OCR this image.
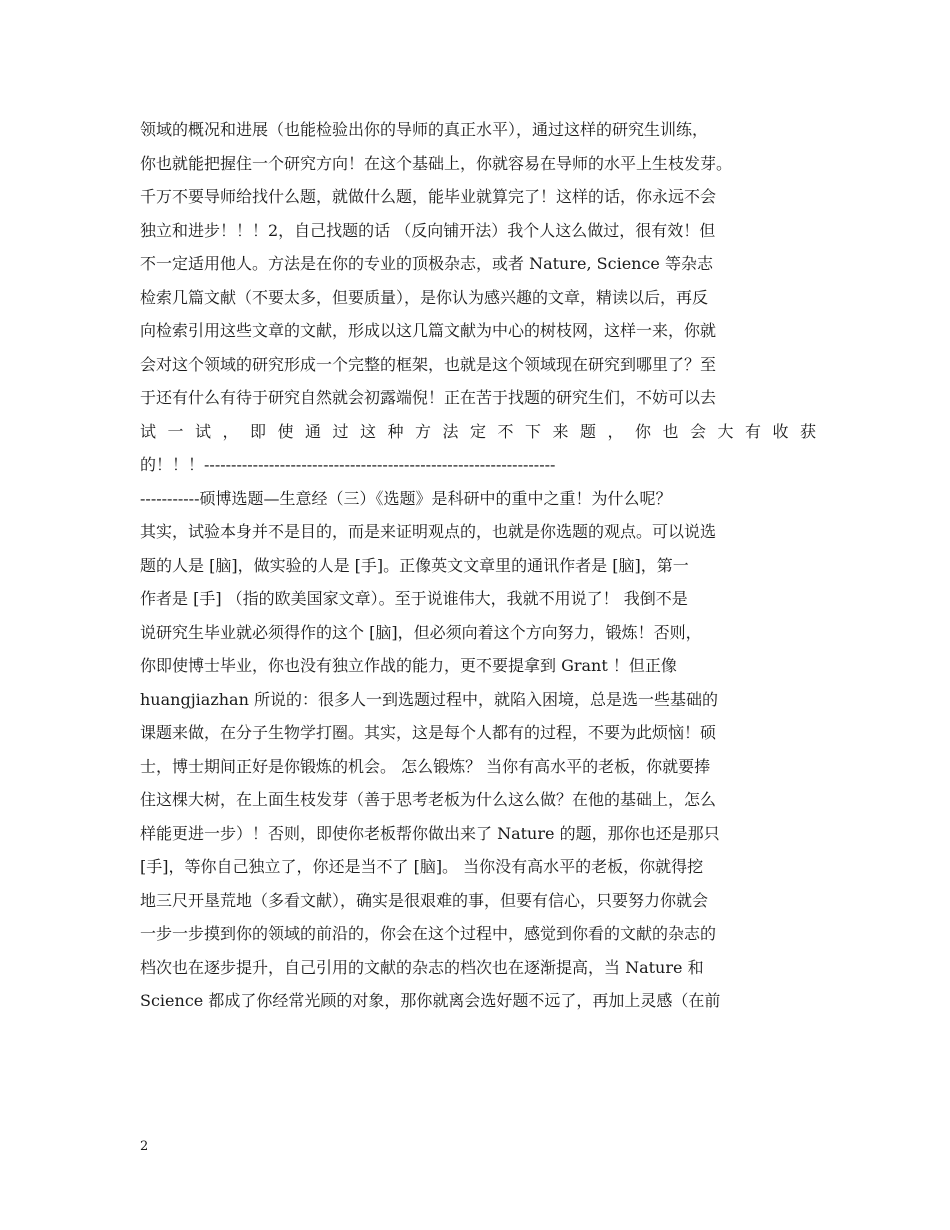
领域的概况和进展（也能检验出你的导师的真正水平），通过这样的研究生训练，
你也就能把握住一个研究方向！在这个基础上，你就容易在导师的水平上生枝发芽。
千万不要导师给找什么题，就做什么题，能毕业就算完了！这样的话，你永远不会
独立和进步！！！2，自己找题的话 （反向铺开法）我个人这么做过，很有效！但
不一定适用他人。方法是在你的专业的顶极杂志，或者 Nature, Science 等杂志
检索几篇文献（不要太多，但要质量），是你认为感兴趣的文章，精读以后，再反
向检索引用这些文章的文献，形成以这几篇文献为中心的树枝网，这样一来，你就
会对这个领域的研究形成一个完整的框架，也就是这个领域现在研究到哪里了？至
于还有什么有待于研究自然就会初露端倪！正在苦于找题的研究生们，不妨可以去
试一试，即使通过这种方法定不下来题，你也会大有收获
的！！！-----------------------------------------------------------------
-----------硕博选题—生意经（三）《选题》是科研中的重中之重！为什么呢？
其实，试验本身并不是目的，而是来证明观点的，也就是你选题的观点。可以说选
题的人是 [脑]，做实验的人是 [手]。正像英文文章里的通讯作者是 [脑]，第一
作者是 [手] （指的欧美国家文章）。至于说谁伟大，我就不用说了！ 我倒不是
说研究生毕业就必须得作的这个 [脑]，但必须向着这个方向努力，锻炼！否则，
你即使博士毕业，你也没有独立作战的能力，更不要提拿到 Grant ！但正像
huangjiazhan 所说的：很多人一到选题过程中，就陷入困境，总是选一些基础的
课题来做，在分子生物学打圈。其实，这是每个人都有的过程，不要为此烦恼！硕
士，博士期间正好是你锻炼的机会。 怎么锻炼？ 当你有高水平的老板，你就要捧
住这棵大树，在上面生枝发芽（善于思考老板为什么这么做？在他的基础上，怎么
样能更进一步）！否则，即使你老板帮你做出来了 Nature 的题，那你也还是那只
[手]，等你自己独立了，你还是当不了 [脑]。 当你没有高水平的老板，你就得挖
地三尺开垦荒地（多看文献），确实是很艰难的事，但要有信心，只要努力你就会
一步一步摸到你的领域的前沿的，你会在这个过程中，感觉到你看的文献的杂志的
档次也在逐步提升，自己引用的文献的杂志的档次也在逐渐提高，当 Nature 和
Science 都成了你经常光顾的对象，那你就离会选好题不远了，再加上灵感（在前
2
